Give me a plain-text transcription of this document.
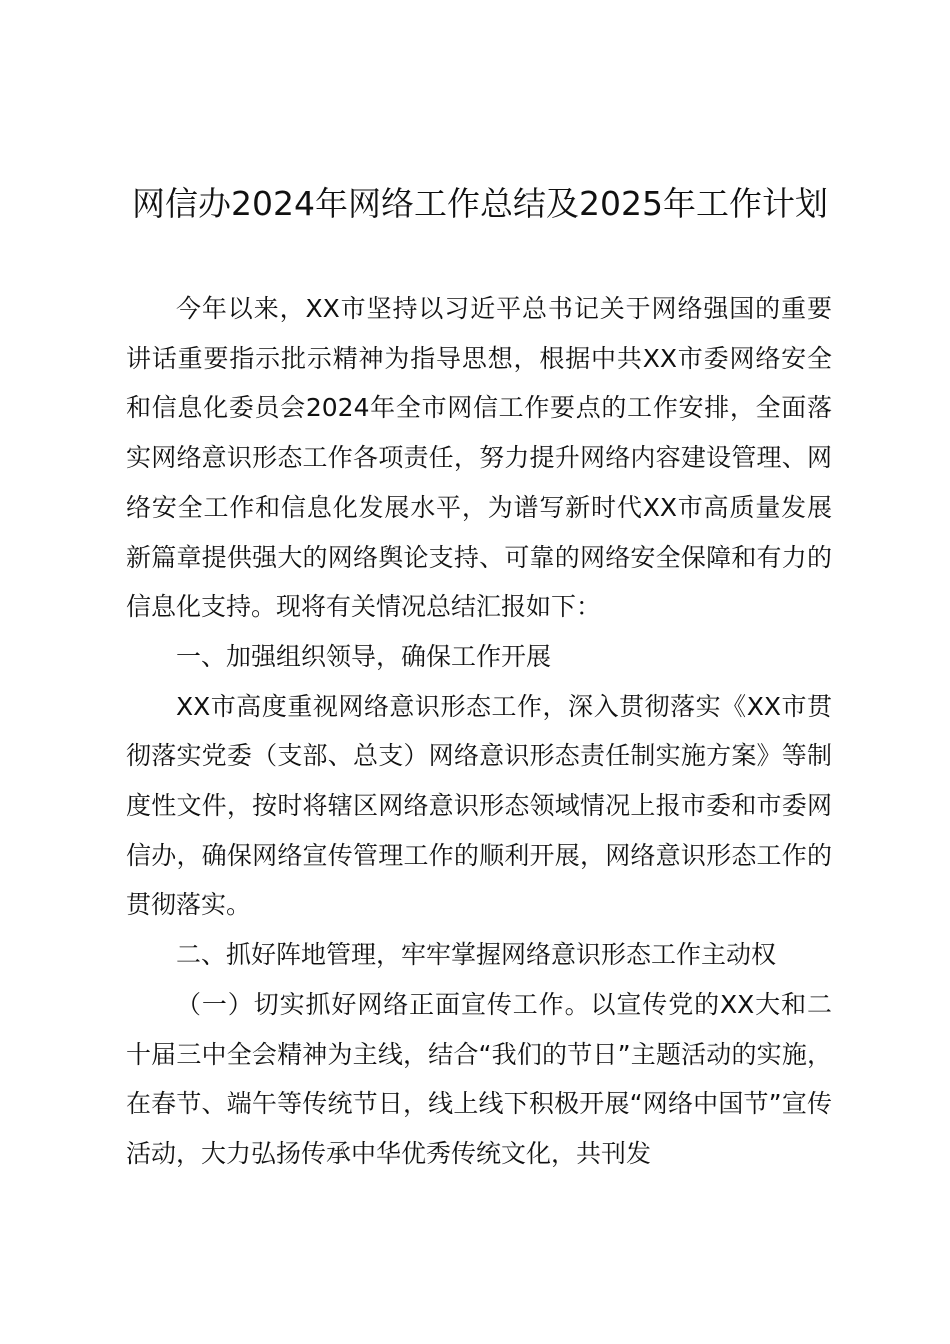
网信办2024年网络工作总结及2025年工作计划

今年以来，XX市坚持以习近平总书记关于网络强国的重要讲话重要指示批示精神为指导思想，根据中共XX市委网络安全和信息化委员会2024年全市网信工作要点的工作安排，全面落实网络意识形态工作各项责任，努力提升网络内容建设管理、网络安全工作和信息化发展水平，为谱写新时代XX市高质量发展新篇章提供强大的网络舆论支持、可靠的网络安全保障和有力的信息化支持。现将有关情况总结汇报如下：

一、加强组织领导，确保工作开展

XX市高度重视网络意识形态工作，深入贯彻落实《XX市贯彻落实党委（支部、总支）网络意识形态责任制实施方案》等制度性文件，按时将辖区网络意识形态领域情况上报市委和市委网信办，确保网络宣传管理工作的顺利开展，网络意识形态工作的贯彻落实。

二、抓好阵地管理，牢牢掌握网络意识形态工作主动权

（一）切实抓好网络正面宣传工作。以宣传党的XX大和二十届三中全会精神为主线，结合“我们的节日”主题活动的实施，在春节、端午等传统节日，线上线下积极开展“网络中国节”宣传活动，大力弘扬传承中华优秀传统文化，共刊发
